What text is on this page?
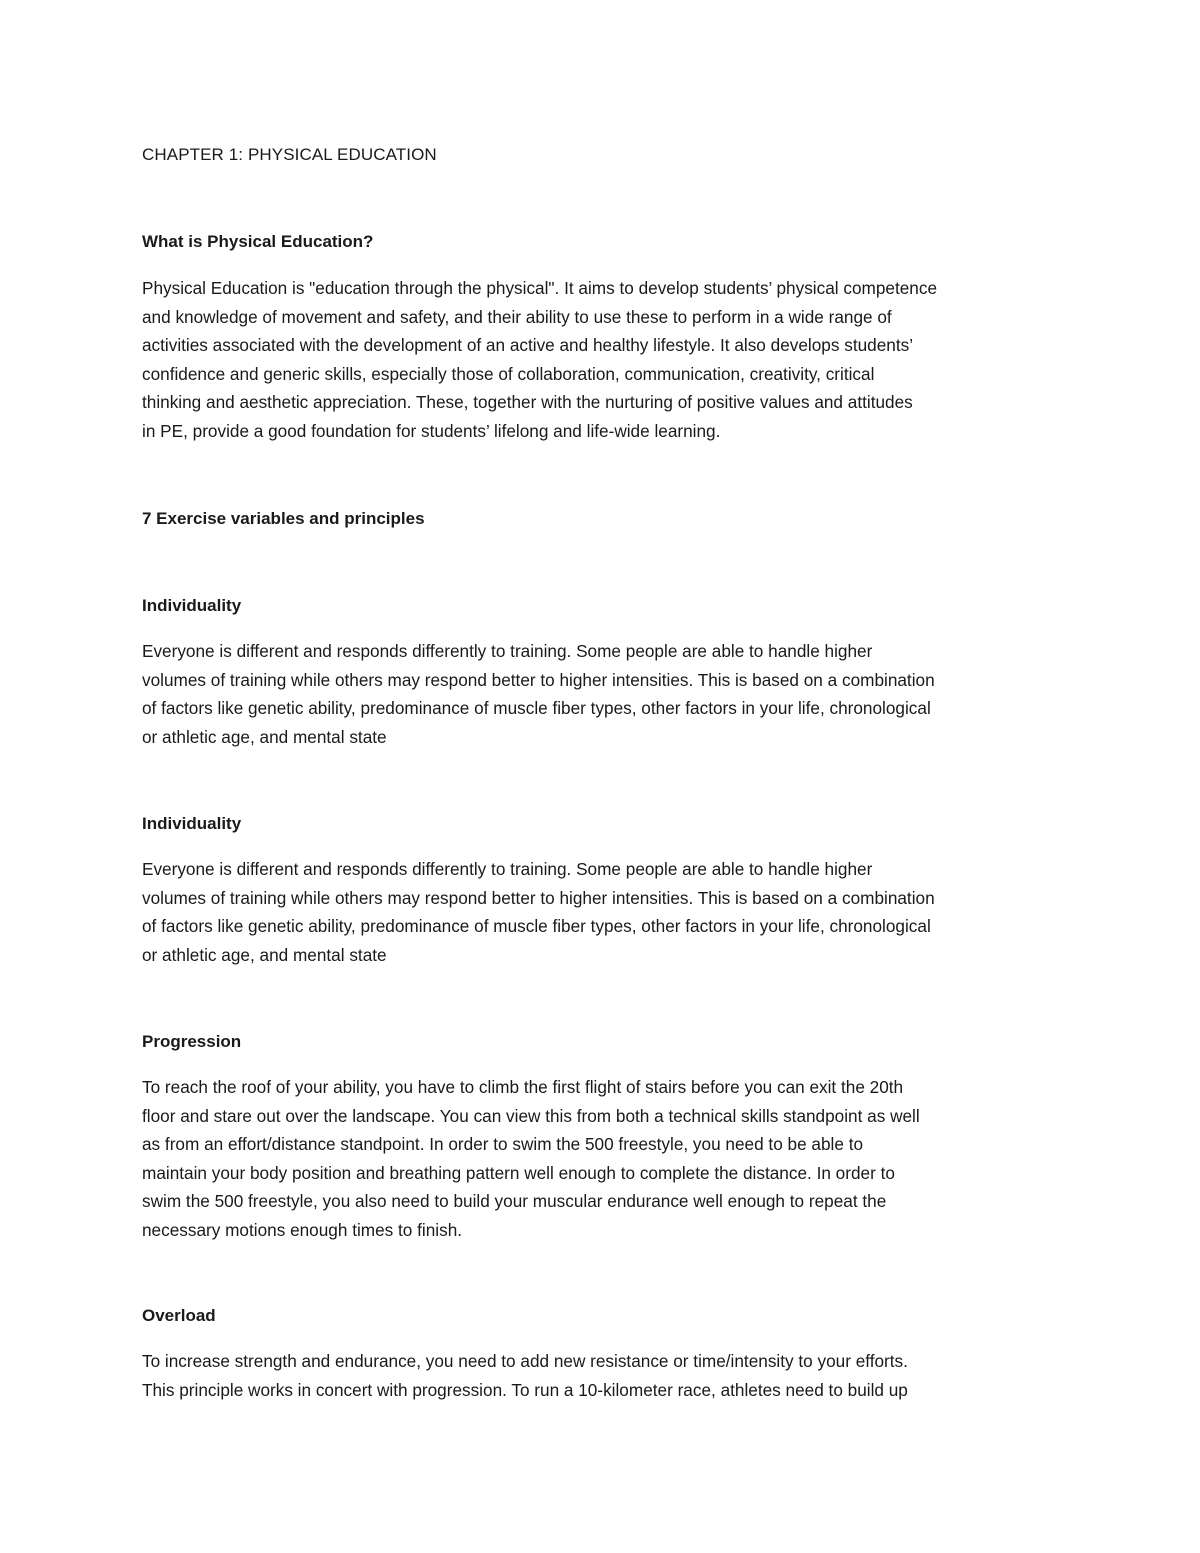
CHAPTER 1: PHYSICAL EDUCATION
What is Physical Education?
Physical Education is "education through the physical". It aims to develop students’ physical competence
and knowledge of movement and safety, and their ability to use these to perform in a wide range of
activities associated with the development of an active and healthy lifestyle. It also develops students’
confidence and generic skills, especially those of collaboration, communication, creativity, critical
thinking and aesthetic appreciation. These, together with the nurturing of positive values and attitudes
in PE, provide a good foundation for students’ lifelong and life-wide learning.
7 Exercise variables and principles
Individuality
Everyone is different and responds differently to training. Some people are able to handle higher
volumes of training while others may respond better to higher intensities. This is based on a combination
of factors like genetic ability, predominance of muscle fiber types, other factors in your life, chronological
or athletic age, and mental state
Individuality
Everyone is different and responds differently to training. Some people are able to handle higher
volumes of training while others may respond better to higher intensities. This is based on a combination
of factors like genetic ability, predominance of muscle fiber types, other factors in your life, chronological
or athletic age, and mental state
Progression
To reach the roof of your ability, you have to climb the first flight of stairs before you can exit the 20th
floor and stare out over the landscape. You can view this from both a technical skills standpoint as well
as from an effort/distance standpoint. In order to swim the 500 freestyle, you need to be able to
maintain your body position and breathing pattern well enough to complete the distance. In order to
swim the 500 freestyle, you also need to build your muscular endurance well enough to repeat the
necessary motions enough times to finish.
Overload
To increase strength and endurance, you need to add new resistance or time/intensity to your efforts.
This principle works in concert with progression. To run a 10-kilometer race, athletes need to build up
